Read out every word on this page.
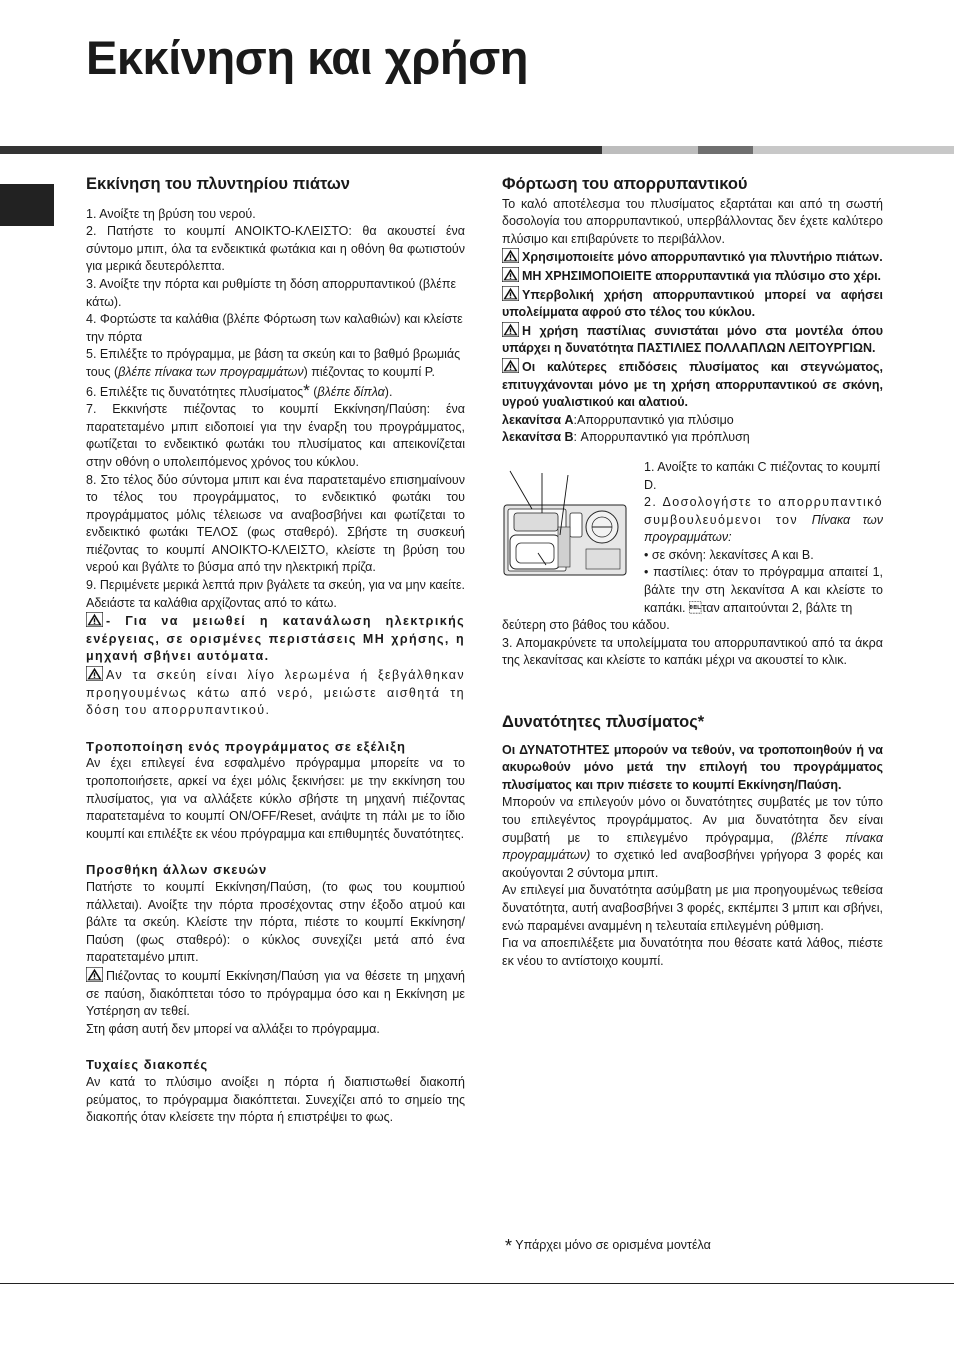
Εκκίνηση και χρήση
Εκκίνηση του πλυντηρίου πιάτων

1. Ανοίξτε τη βρύση του νερού.

2. Πατήστε το κουμπί ΑΝΟΙΚΤΟ-ΚΛΕΙΣΤΟ: θα ακουστεί ένα σύντομο μπιπ, όλα τα ενδεικτικά φωτάκια και η οθόνη θα φωτιστούν για μερικά δευτερόλεπτα.

3. Ανοίξτε την πόρτα και ρυθμίστε τη δόση απορρυπαντικού (βλέπε κάτω).

4. Φορτώστε τα καλάθια (βλέπε Φόρτωση των καλαθιών) και κλείστε την πόρτα

5. Επιλέξτε το πρόγραμμα, με βάση τα σκεύη και το βαθμό βρωμιάς τους (βλέπε πίνακα των προγραμμάτων) πιέζοντας το κουμπί P.

6. Επιλέξτε τις δυνατότητες πλυσίματος* (βλέπε δίπλα).

7. Εκκινήστε πιέζοντας το κουμπί Εκκίνηση/Παύση: ένα παρατεταμένο μπιπ ειδοποιεί για την έναρξη του προγράμματος, φωτίζεται το ενδεικτικό φωτάκι του πλυσίματος και απεικονίζεται στην οθόνη ο υπολειπόμενος χρόνος του κύκλου.

8. Στο τέλος δύο σύντομα μπιπ και ένα παρατεταμένο επισημαίνουν το τέλος του προγράμματος, το ενδεικτικό φωτάκι του προγράμματος μόλις τέλειωσε να αναβοσβήνει και φωτίζεται το ενδεικτικό φωτάκι ΤΕΛΟΣ (φως σταθερό). Σβήστε τη συσκευή πιέζοντας το κουμπί ΑΝΟΙΚΤΟ-ΚΛΕΙΣΤΟ, κλείστε τη βρύση του νερού και βγάλτε το βύσμα από την ηλεκτρική πρίζα.

9. Περιμένετε μερικά λεπτά πριν βγάλετε τα σκεύη, για να μην καείτε. Αδειάστε τα καλάθια αρχίζοντας από το κάτω.

- Για να μειωθεί η κατανάλωση ηλεκτρικής ενέργειας, σε ορισμένες περιστάσεις ΜΗ χρήσης, η μηχανή σβήνει αυτόματα.

Αν τα σκεύη είναι λίγο λερωμένα ή ξεβγάλθηκαν προηγουμένως κάτω από νερό, μειώστε αισθητά τη δόση του απορρυπαντικού.

Τροποποίηση ενός προγράμματος σε εξέλιξη

Αν έχει επιλεγεί ένα εσφαλμένο πρόγραμμα μπορείτε να το τροποποιήσετε, αρκεί να έχει μόλις ξεκινήσει: με την εκκίνηση του πλυσίματος, για να αλλάξετε κύκλο σβήστε τη μηχανή πιέζοντας παρατεταμένα το κουμπί ON/OFF/Reset, ανάψτε τη πάλι με το ίδιο κουμπί και επιλέξτε εκ νέου πρόγραμμα και επιθυμητές δυνατότητες.

Προσθήκη άλλων σκευών

Πατήστε το κουμπί Εκκίνηση/Παύση, (το φως του κουμπιού πάλλεται). Ανοίξτε την πόρτα προσέχοντας στην έξοδο ατμού και βάλτε τα σκεύη. Κλείστε την πόρτα, πιέστε το κουμπί Εκκίνηση/ Παύση (φως σταθερό): ο κύκλος συνεχίζει μετά από ένα παρατεταμένο μπιπ.

Πιέζοντας το κουμπί Εκκίνηση/Παύση για να θέσετε τη μηχανή σε παύση, διακόπτεται τόσο το πρόγραμμα όσο και η Εκκίνηση με Υστέρηση αν τεθεί.

Στη φάση αυτή δεν μπορεί να αλλάξει το πρόγραμμα.

Τυχαίες διακοπές

Αν κατά το πλύσιμο ανοίξει η πόρτα ή διαπιστωθεί διακοπή ρεύματος, το πρόγραμμα διακόπτεται. Συνεχίζει από το σημείο της διακοπής όταν κλείσετε την πόρτα ή επιστρέψει το φως.

Φόρτωση του απορρυπαντικού

Το καλό αποτέλεσμα του πλυσίματος εξαρτάται και από τη σωστή δοσολογία του απορρυπαντικού, υπερβάλλοντας δεν έχετε καλύτερο πλύσιμο και επιβαρύνετε το περιβάλλον.

Χρησιμοποιείτε μόνο απορρυπαντικό για πλυντήριο πιάτων.

ΜΗ ΧΡΗΣΙΜΟΠΟΙΕΙΤΕ απορρυπαντικά για πλύσιμο στο χέρι.

Υπερβολική χρήση απορρυπαντικού μπορεί να αφήσει υπολείμματα αφρού στο τέλος του κύκλου.

Η χρήση παστίλιας συνιστάται μόνο στα μοντέλα όπου υπάρχει η δυνατότητα ΠΑΣΤΙΛΙΕΣ ΠΟΛΛΑΠΛΩΝ ΛΕΙΤΟΥΡΓΙΩΝ.

Οι καλύτερες επιδόσεις πλυσίματος και στεγνώματος, επιτυγχάνονται μόνο με τη χρήση απορρυπαντικού σε σκόνη, υγρού γυαλιστικού και αλατιού.

λεκανίτσα A:Απορρυπαντικό για πλύσιμο

λεκανίτσα B: Απορρυπαντικό για πρόπλυση

1. Ανοίξτε το καπάκι C πιέζοντας το κουμπί D.

2. Δοσολογήστε το απορρυπαντικό συμβουλευόμενοι τον Πίνακα των προγραμμάτων:

• σε σκόνη: λεκανίτσες A και B.

• παστίλιες: όταν το πρόγραμμα απαιτεί 1, βάλτε την στη λεκανίτσα A και κλείστε το καπάκι. ταν απαιτούνται 2, βάλτε τη

δεύτερη στο βάθος του κάδου.

3. Απομακρύνετε τα υπολείμματα του απορρυπαντικού από τα άκρα της λεκανίτσας και κλείστε το καπάκι μέχρι να ακουστεί το κλικ.

Δυνατότητες πλυσίματος*

Οι ΔΥΝΑΤΟΤΗΤΕΣ μπορούν να τεθούν, να τροποποιηθούν ή να ακυρωθούν μόνο μετά την επιλογή του προγράμματος πλυσίματος και πριν πιέσετε το κουμπί Εκκίνηση/Παύση.

Μπορούν να επιλεγούν μόνο οι δυνατότητες συμβατές με τον τύπο του επιλεγέντος προγράμματος. Αν μια δυνατότητα δεν είναι συμβατή με το επιλεγμένο πρόγραμμα, (βλέπε πίνακα προγραμμάτων) το σχετικό led αναβοσβήνει γρήγορα 3 φορές και ακούγονται 2 σύντομα μπιπ.

Αν επιλεγεί μια δυνατότητα ασύμβατη με μια προηγουμένως τεθείσα δυνατότητα, αυτή αναβοσβήνει 3 φορές, εκπέμπει 3 μπιπ και σβήνει, ενώ παραμένει αναμμένη η τελευταία επιλεγμένη ρύθμιση.

Για να αποεπιλέξετε μια δυνατότητα που θέσατε κατά λάθος, πιέστε εκ νέου το αντίστοιχο κουμπί.

* Υπάρχει μόνο σε ορισμένα μοντέλα
